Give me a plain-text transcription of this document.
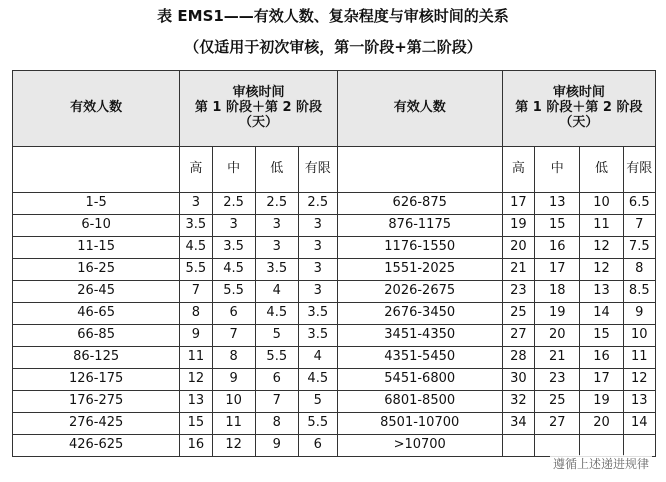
表 EMS1——有效人数、复杂程度与审核时间的关系
（仅适用于初次审核，第一阶段+第二阶段）
有效人数	审核时间
第 1 阶段＋第 2 阶段
（天）				有效人数	审核时间
第 1 阶段＋第 2 阶段
（天）			

	高	中	低	有限		高	中	低	有限
1-5	3	2.5	2.5	2.5	626-875	17	13	10	6.5
6-10	3.5	3	3	3	876-1175	19	15	11	7
11-15	4.5	3.5	3	3	1176-1550	20	16	12	7.5
16-25	5.5	4.5	3.5	3	1551-2025	21	17	12	8
26-45	7	5.5	4	3	2026-2675	23	18	13	8.5
46-65	8	6	4.5	3.5	2676-3450	25	19	14	9
66-85	9	7	5	3.5	3451-4350	27	20	15	10
86-125	11	8	5.5	4	4351-5450	28	21	16	11
126-175	12	9	6	4.5	5451-6800	30	23	17	12
176-275	13	10	7	5	6801-8500	32	25	19	13
276-425	15	11	8	5.5	8501-10700	34	27	20	14
426-625	16	12	9	6	>10700				
遵循上述递进规律
